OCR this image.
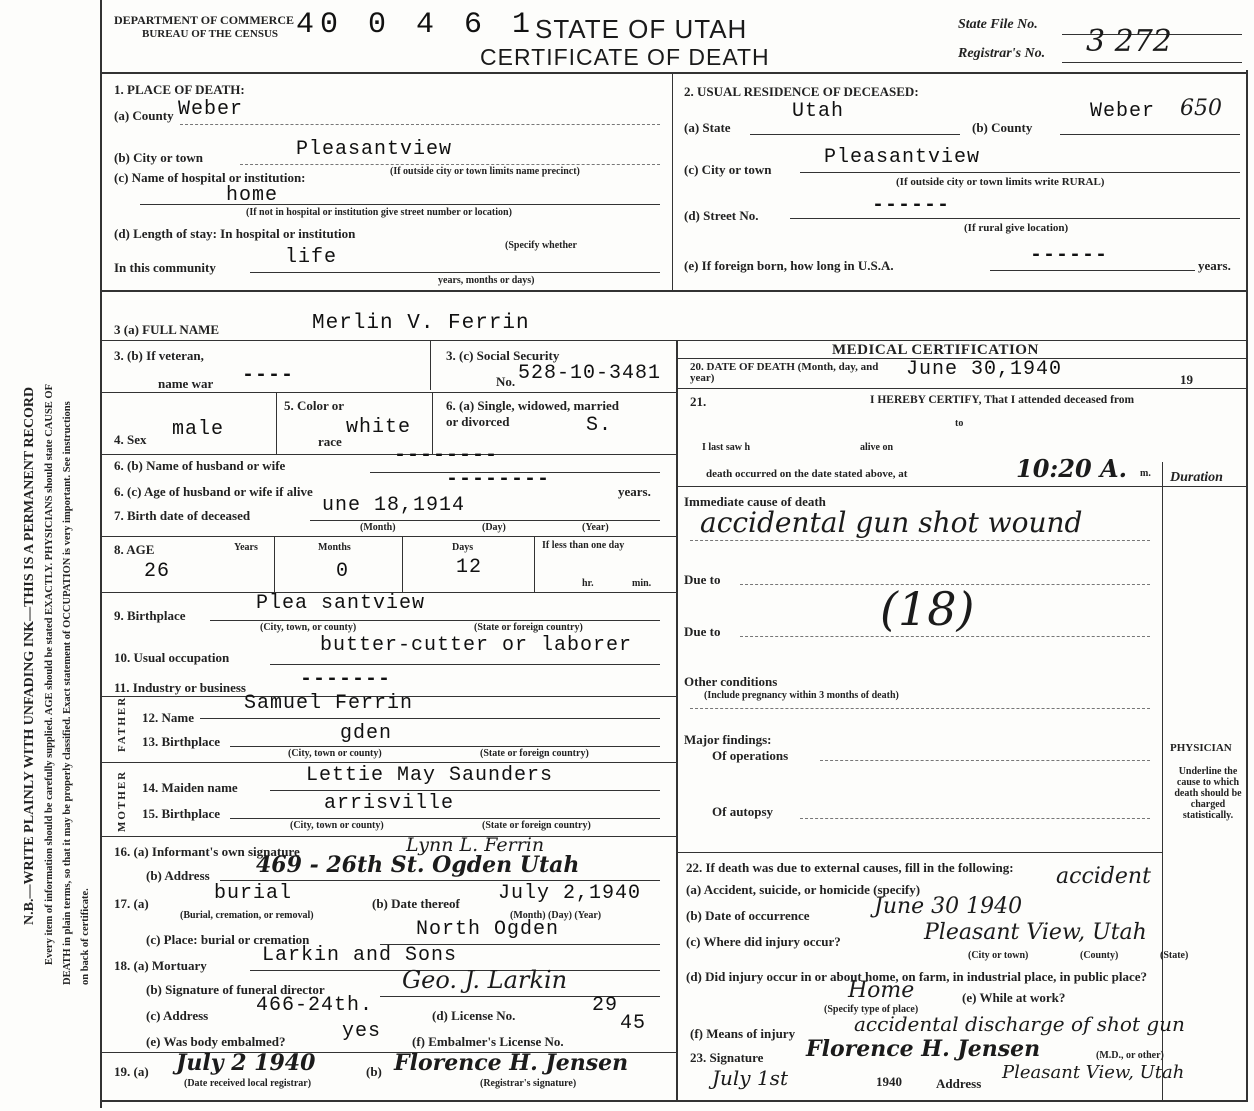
N.B.—WRITE PLAINLY WITH UNFADING INK—THIS IS A PERMANENT RECORD Every item of information should be carefully supplied. AGE should be stated EXACTLY. PHYSICIANS should state CAUSE OF DEATH in plain terms, so that it may be properly classified. Exact statement of OCCUPATION is very important. See instructions on back of certificate.
DEPARTMENT OF COMMERCE
BUREAU OF THE CENSUS 40 0 4 6 1
STATE OF UTAH
CERTIFICATE OF DEATH
State File No.
Registrar's No. 3 272
1. PLACE OF DEATH:
(a) County Weber
(b) City or town	Pleasantview
(c) Name of hospital or institution:	(If outside city or town limits name precinct)
home
(If not in hospital or institution give street number or location)
(d) Length of stay: In hospital or institution
(Specify whether
In this community	life
years, months or days)
2. USUAL RESIDENCE OF DECEASED:
(a) State
Utah
(b) County
Weber 650
(c) City or town
Pleasantview
(If outside city or town limits write RURAL)
(d) Street No.	------
(If rural give location)
(e) If foreign born, how long in U.S.A.	------	years.
3 (a) FULL NAME	Merlin V. Ferrin
3. (b) If veteran,
name war ----
3. (c) Social Security
No. 528-10-3481
4. Sex male
5. Color or
race
white
6. (a) Single, widowed, married or divorced	S.
6. (b) Name of husband or wife	--------
6. (c) Age of husband or wife if alive
--------
years.
7. Birth date of deceased	une 18,1914
(Month)	(Day)	(Year)
8. AGE	Years	Months	Days	If less than one day
26	0	12
hr.	min.
9. Birthplace
Plea santview
(City, town, or county)	(State or foreign country)
10. Usual occupation
butter-cutter or laborer
11. Industry or business	-------
FATHER
MOTHER
12. Name
Samuel Ferrin
13. Birthplace	gden
(City, town or county)	(State or foreign country)
14. Maiden name
Lettie May Saunders
15. Birthplace	arrisville
(City, town or county)	(State or foreign country)
16. (a) Informant's own signature	Lynn L. Ferrin
(b) Address 469 - 26th St. Ogden Utah
17. (a)	burial
(Burial, cremation, or removal)
(b) Date thereof July 2,1940
(Month) (Day) (Year)
(c) Place: burial or cremation	North Ogden
18. (a) Mortuary	Larkin and Sons
(b) Signature of funeral director	Geo. J. Larkin
(c) Address 466-24th.	(d) License No.	29
(e) Was body embalmed?	yes (f) Embalmer's License No.
45
19. (a) July 2 1940	(b) Florence H. Jensen
(Date received local registrar)	(Registrar's signature)
MEDICAL CERTIFICATION
20. DATE OF DEATH (Month, day, and year)	June 30,1940	19
21.	I HEREBY CERTIFY, That I attended deceased from
to
I last saw h	alive on
death occurred on the date stated above, at	10:20 A. m. Duration
Immediate cause of death
accidental gun shot wound
Due to
(18)
Due to
Other conditions
(Include pregnancy within 3 months of death)
Major findings:
Of operations	PHYSICIAN
Underline the cause to which death should be charged statistically.
Of autopsy
22. If death was due to external causes, fill in the following:
(a) Accident, suicide, or homicide (specify)
accident
(b) Date of occurrence	June 30 1940
(c) Where did injury occur?	Pleasant View, Utah
(City or town)	(County)	(State)
(d) Did injury occur in or about home, on farm, in industrial place, in public place?
Home
(Specify type of place)
(e) While at work?
(f) Means of injury	accidental discharge of shot gun
23. Signature Florence H. Jensen	(M.D., or other)
July 1st	1940	Address
Pleasant View, Utah
